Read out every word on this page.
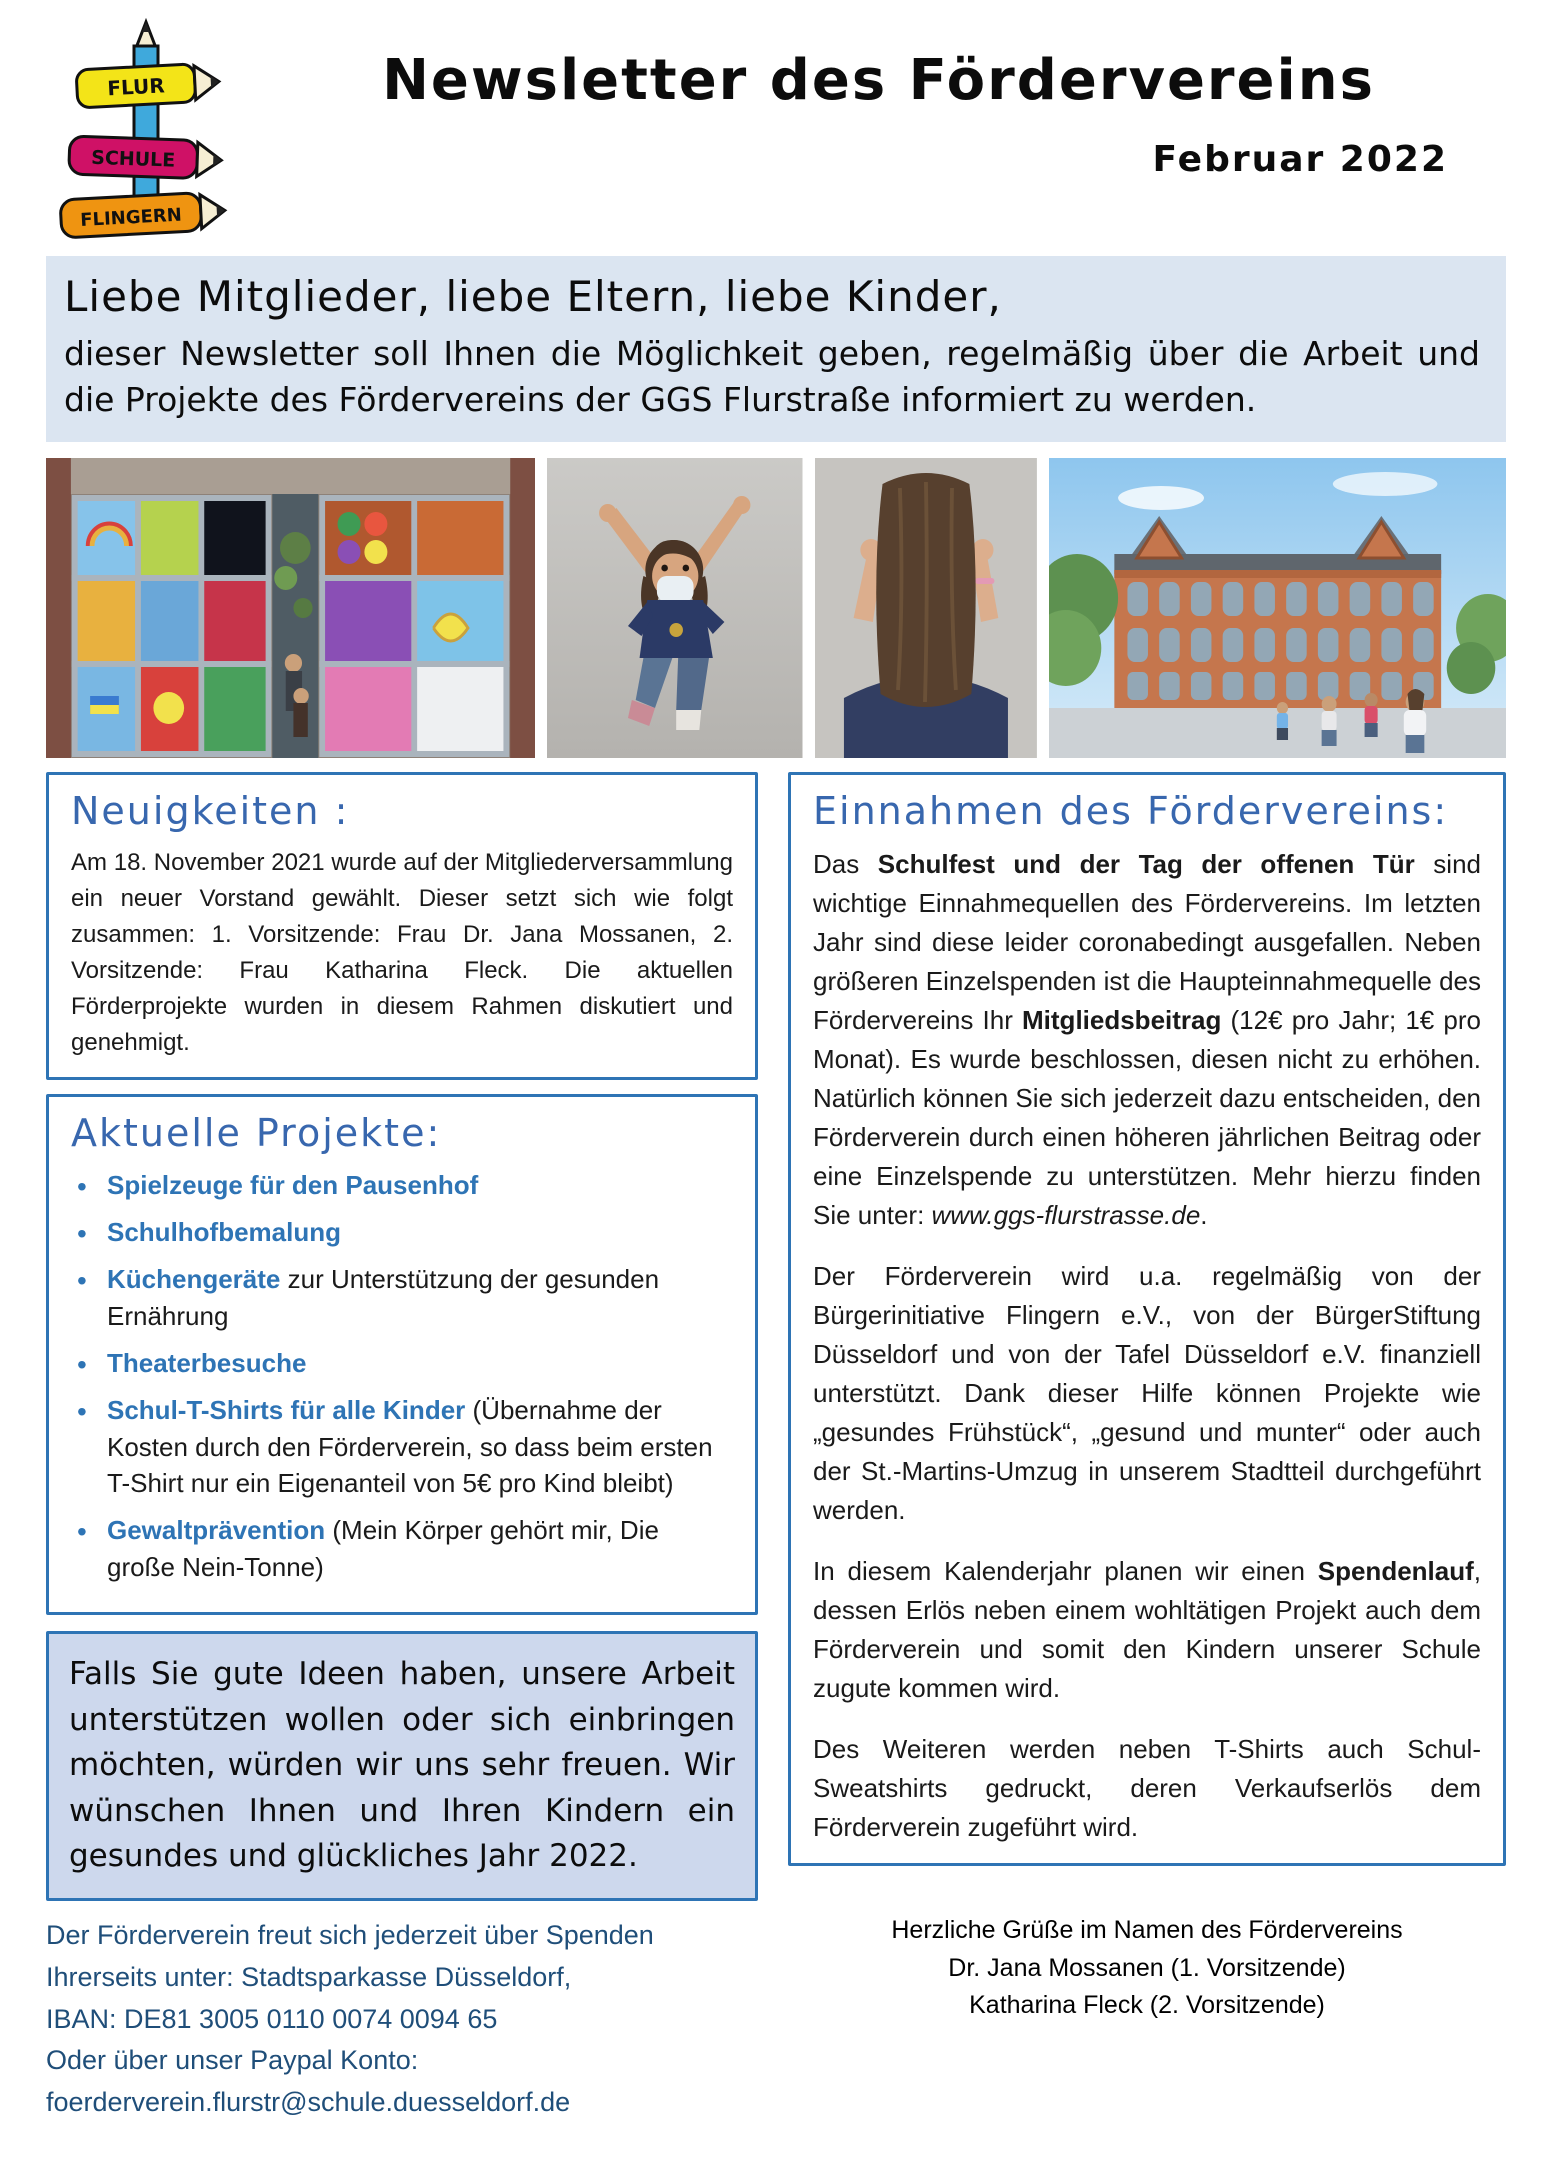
FLUR
SCHULE
FLINGERN
Newsletter des Fördervereins
Februar 2022
Liebe Mitglieder, liebe Eltern, liebe Kinder,
dieser Newsletter soll Ihnen die Möglichkeit geben, regelmäßig über die Arbeit und die Projekte des Fördervereins der GGS Flurstraße informiert zu werden.
Neuigkeiten :
Am 18. November 2021 wurde auf der Mitgliederversammlung ein neuer Vorstand gewählt. Dieser setzt sich wie folgt zusammen: 1. Vorsitzende: Frau Dr. Jana Mossanen, 2. Vorsitzende: Frau Katharina Fleck. Die aktuellen Förderprojekte wurden in diesem Rahmen diskutiert und genehmigt.
Aktuelle Projekte:
• Spielzeuge für den Pausenhof
• Schulhofbemalung
• Küchengeräte zur Unterstützung der gesunden Ernährung
• Theaterbesuche
• Schul-T-Shirts für alle Kinder (Übernahme der Kosten durch den Förderverein, so dass beim ersten T-Shirt nur ein Eigenanteil von 5€ pro Kind bleibt)
• Gewaltprävention (Mein Körper gehört mir, Die große Nein-Tonne)
Falls Sie gute Ideen haben, unsere Arbeit unterstützen wollen oder sich einbringen möchten, würden wir uns sehr freuen. Wir wünschen Ihnen und Ihren Kindern ein gesundes und glückliches Jahr 2022.
Der Förderverein freut sich jederzeit über Spenden
Ihrerseits unter: Stadtsparkasse Düsseldorf,
IBAN: DE81 3005 0110 0074 0094 65
Oder über unser Paypal Konto:
foerderverein.flurstr@schule.duesseldorf.de
Einnahmen des Fördervereins:

Das Schulfest und der Tag der offenen Tür sind wichtige Einnahmequellen des Fördervereins. Im letzten Jahr sind diese leider coronabedingt ausgefallen. Neben größeren Einzelspenden ist die Haupteinnahmequelle des Fördervereins Ihr Mitgliedsbeitrag (12€ pro Jahr; 1€ pro Monat). Es wurde beschlossen, diesen nicht zu erhöhen. Natürlich können Sie sich jederzeit dazu entscheiden, den Förderverein durch einen höheren jährlichen Beitrag oder eine Einzelspende zu unterstützen. Mehr hierzu finden Sie unter: www.ggs-flurstrasse.de.

Der Förderverein wird u.a. regelmäßig von der Bürgerinitiative Flingern e.V., von der BürgerStiftung Düsseldorf und von der Tafel Düsseldorf e.V. finanziell unterstützt. Dank dieser Hilfe können Projekte wie „gesundes Frühstück“, „gesund und munter“ oder auch der St.-Martins-Umzug in unserem Stadtteil durchgeführt werden.

In diesem Kalenderjahr planen wir einen Spendenlauf, dessen Erlös neben einem wohltätigen Projekt auch dem Förderverein und somit den Kindern unserer Schule zugute kommen wird.

Des Weiteren werden neben T-Shirts auch Schul-Sweatshirts gedruckt, deren Verkaufserlös dem Förderverein zugeführt wird.

Herzliche Grüße im Namen des Fördervereins
Dr. Jana Mossanen (1. Vorsitzende)
Katharina Fleck (2. Vorsitzende)
